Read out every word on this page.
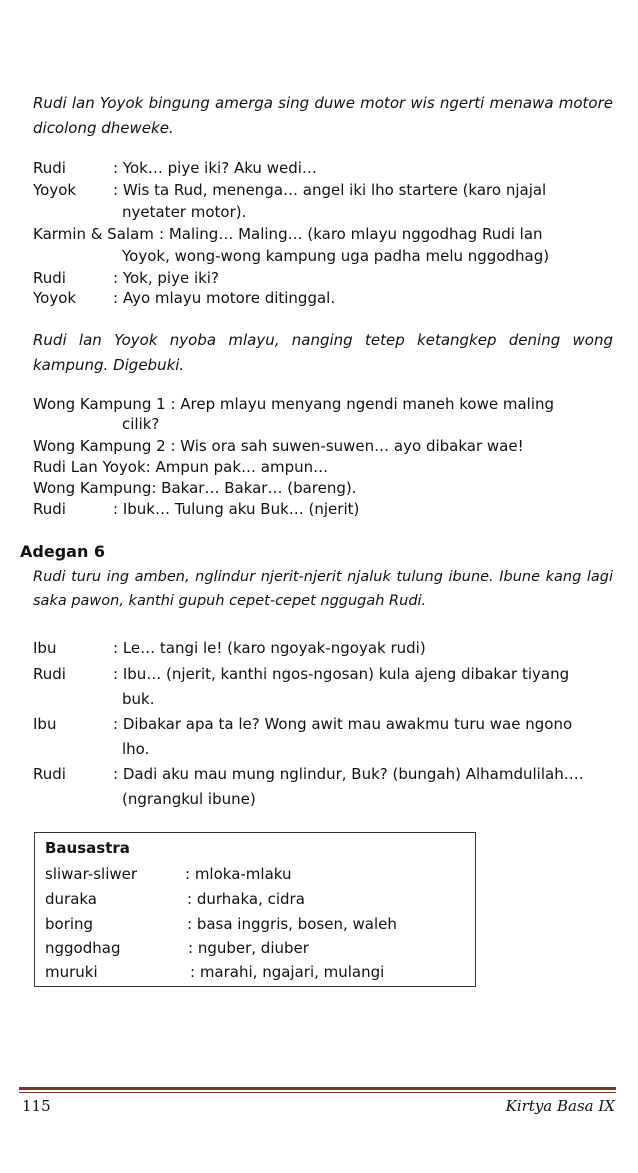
Rudi lan Yoyok bingung amerga sing duwe motor wis ngerti menawa motore dicolong dheweke.

Rudi	: Yok… piye iki? Aku wedi…
Yoyok : Wis ta Rud, menenga… angel iki lho startere (karo njajal
nyetater motor).
Karmin & Salam : Maling… Maling… (karo mlayu nggodhag Rudi lan
Yoyok, wong-wong kampung uga padha melu nggodhag)
Rudi	: Yok, piye iki?
Yoyok : Ayo mlayu motore ditinggal.

Rudi lan Yoyok nyoba mlayu, nanging tetep ketangkep dening wong kampung. Digebuki.

Wong Kampung 1 : Arep mlayu menyang ngendi maneh kowe maling
cilik?
Wong Kampung 2 : Wis ora sah suwen-suwen… ayo dibakar wae!
Rudi Lan Yoyok: Ampun pak… ampun…
Wong Kampung: Bakar… Bakar… (bareng).
Rudi	: Ibuk… Tulung aku Buk… (njerit)
Adegan 6

Rudi turu ing amben, nglindur njerit-njerit njaluk tulung ibune. Ibune kang lagi saka pawon, kanthi gupuh cepet-cepet nggugah Rudi.

Ibu	: Le… tangi le! (karo ngoyak-ngoyak rudi)
Rudi	: Ibu… (njerit, kanthi ngos-ngosan) kula ajeng dibakar tiyang
buk.
Ibu	: Dibakar apa ta le? Wong awit mau awakmu turu wae ngono
lho.
Rudi	: Dadi aku mau mung nglindur, Buk? (bungah) Alhamdulilah….
(ngrangkul ibune)
Bausastra
sliwar-sliwer	: mloka-mlaku
duraka	: durhaka, cidra
boring	: basa inggris, bosen, waleh
nggodhag	: nguber, diuber
muruki	: marahi, ngajari, mulangi
115	Kirtya Basa IX
